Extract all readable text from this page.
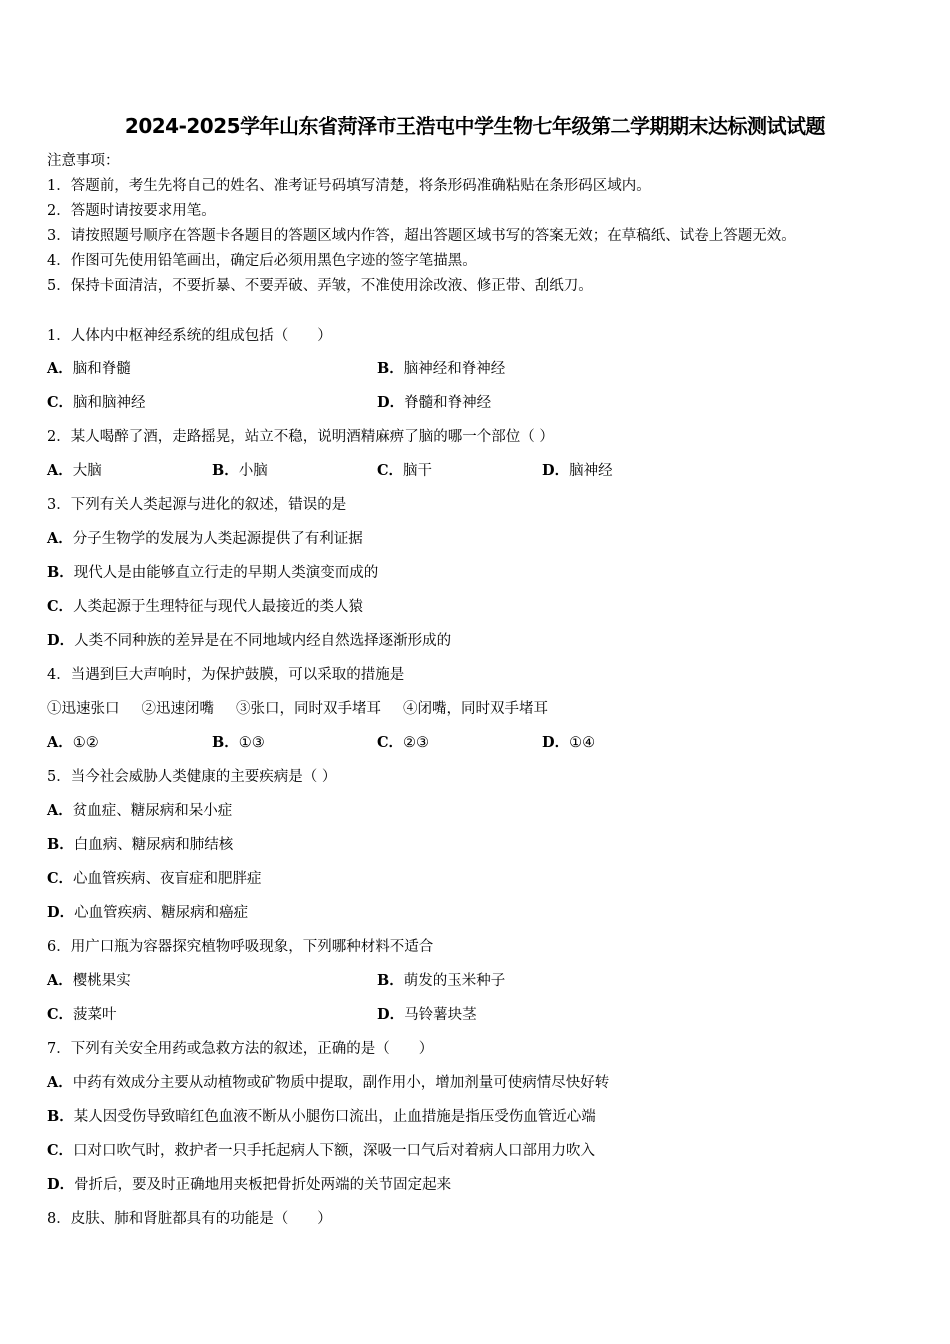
2024-2025学年山东省菏泽市王浩屯中学生物七年级第二学期期末达标测试试题
注意事项：
1．答题前，考生先将自己的姓名、准考证号码填写清楚，将条形码准确粘贴在条形码区域内。
2．答题时请按要求用笔。
3．请按照题号顺序在答题卡各题目的答题区域内作答，超出答题区域书写的答案无效；在草稿纸、试卷上答题无效。
4．作图可先使用铅笔画出，确定后必须用黑色字迹的签字笔描黑。
5．保持卡面清洁，不要折暴、不要弄破、弄皱，不准使用涂改液、修正带、刮纸刀。
1．人体内中枢神经系统的组成包括（　　）
A．脑和脊髓	B．脑神经和脊神经
C．脑和脑神经	D．脊髓和脊神经
2．某人喝醉了酒，走路摇晃，站立不稳，说明酒精麻痹了脑的哪一个部位（ ）
A．大脑	B．小脑	C．脑干	D．脑神经
3．下列有关人类起源与进化的叙述，错误的是
A．分子生物学的发展为人类起源提供了有利证据
B．现代人是由能够直立行走的早期人类演变而成的
C．人类起源于生理特征与现代人最接近的类人猿
D．人类不同种族的差异是在不同地域内经自然选择逐渐形成的
4．当遇到巨大声响时，为保护鼓膜，可以采取的措施是
①迅速张口 ②迅速闭嘴 ③张口，同时双手堵耳 ④闭嘴，同时双手堵耳
A．①②	B．①③	C．②③	D．①④
5．当今社会威胁人类健康的主要疾病是（ ）
A．贫血症、糖尿病和呆小症
B．白血病、糖尿病和肺结核
C．心血管疾病、夜盲症和肥胖症
D．心血管疾病、糖尿病和癌症
6．用广口瓶为容器探究植物呼吸现象，下列哪种材料不适合
A．樱桃果实	B．萌发的玉米种子
C．菠菜叶	D．马铃薯块茎
7．下列有关安全用药或急救方法的叙述，正确的是（　　）
A．中药有效成分主要从动植物或矿物质中提取，副作用小，增加剂量可使病情尽快好转
B．某人因受伤导致暗红色血液不断从小腿伤口流出，止血措施是指压受伤血管近心端
C．口对口吹气时，救护者一只手托起病人下额，深吸一口气后对着病人口部用力吹入
D．骨折后，要及时正确地用夹板把骨折处两端的关节固定起来
8．皮肤、肺和肾脏都具有的功能是（　　）
